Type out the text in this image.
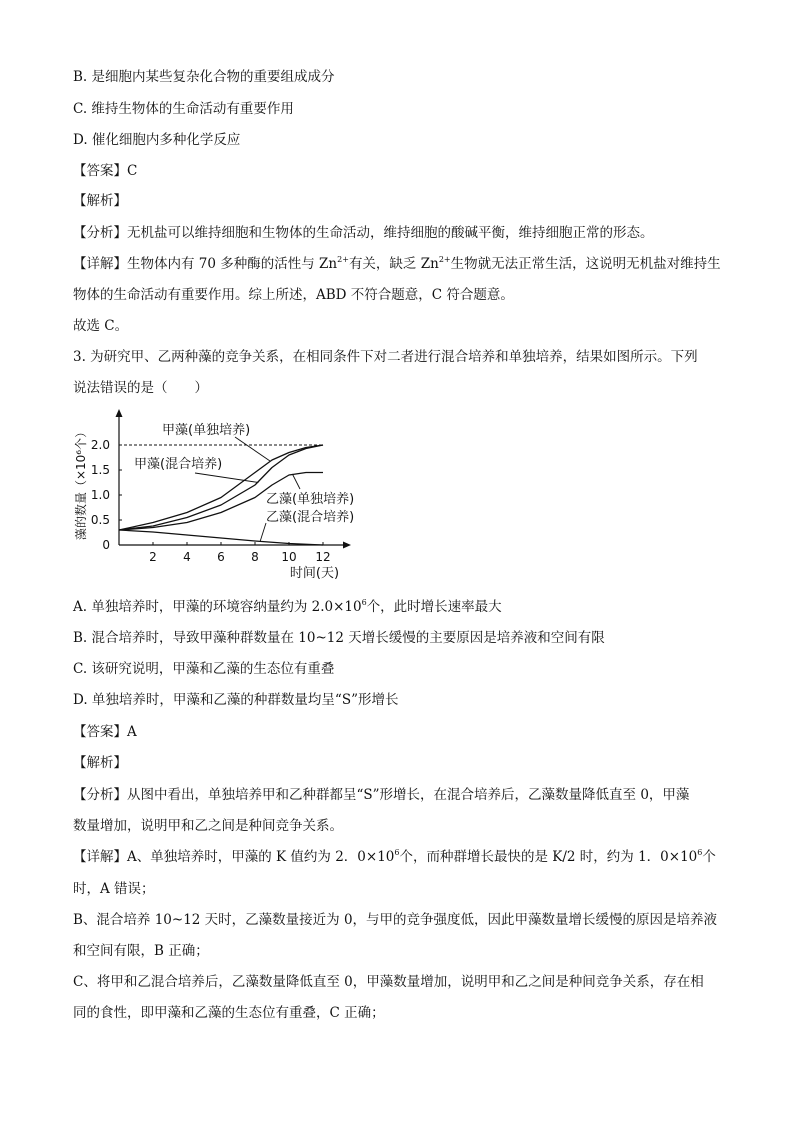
B. 是细胞内某些复杂化合物的重要组成成分
C. 维持生物体的生命活动有重要作用
D. 催化细胞内多种化学反应
【答案】C
【解析】
【分析】无机盐可以维持细胞和生物体的生命活动，维持细胞的酸碱平衡，维持细胞正常的形态。
【详解】生物体内有 70 多种酶的活性与 $Zn^{2+}$有关，缺乏 $Zn^{2+}$生物就无法正常生活，这说明无机盐对维持生
物体的生命活动有重要作用。综上所述，ABD 不符合题意，C 符合题意。
故选 C。
3. 为研究甲、乙两种藻的竞争关系，在相同条件下对二者进行混合培养和单独培养，结果如图所示。下列
说法错误的是（　　）
A. 单独培养时，甲藻的环境容纳量约为 $2.0\times 10^6$个，此时增长速率最大
B. 混合培养时，导致甲藻种群数量在 10~12 天增长缓慢的主要原因是培养液和空间有限
C. 该研究说明，甲藻和乙藻的生态位有重叠
D. 单独培养时，甲藻和乙藻的种群数量均呈“S”形增长
【答案】A
【解析】
【分析】从图中看出，单独培养甲和乙种群都呈“S”形增长，在混合培养后，乙藻数量降低直至 0，甲藻
数量增加，说明甲和乙之间是种间竞争关系。
【详解】A、单独培养时，甲藻的 K 值约为 2．$0\times 10^6$个，而种群增长最快的是 K/2 时，约为 1．$0\times 10^6$个
时，A 错误；
B、混合培养 10~12 天时，乙藻数量接近为 0，与甲的竞争强度低，因此甲藻数量增长缓慢的原因是培养液
和空间有限，B 正确；
C、将甲和乙混合培养后，乙藻数量降低直至 0，甲藻数量增加，说明甲和乙之间是种间竞争关系，存在相
同的食性，即甲藻和乙藻的生态位有重叠，C 正确；
2 4 6 8 10 12
0
0.5
1.0
1.5
2.0
时间(天)
藻的数量（×10⁶个）	甲藻(单独培养)
甲藻(混合培养)
乙藻(单独培养)
乙藻(混合培养)
